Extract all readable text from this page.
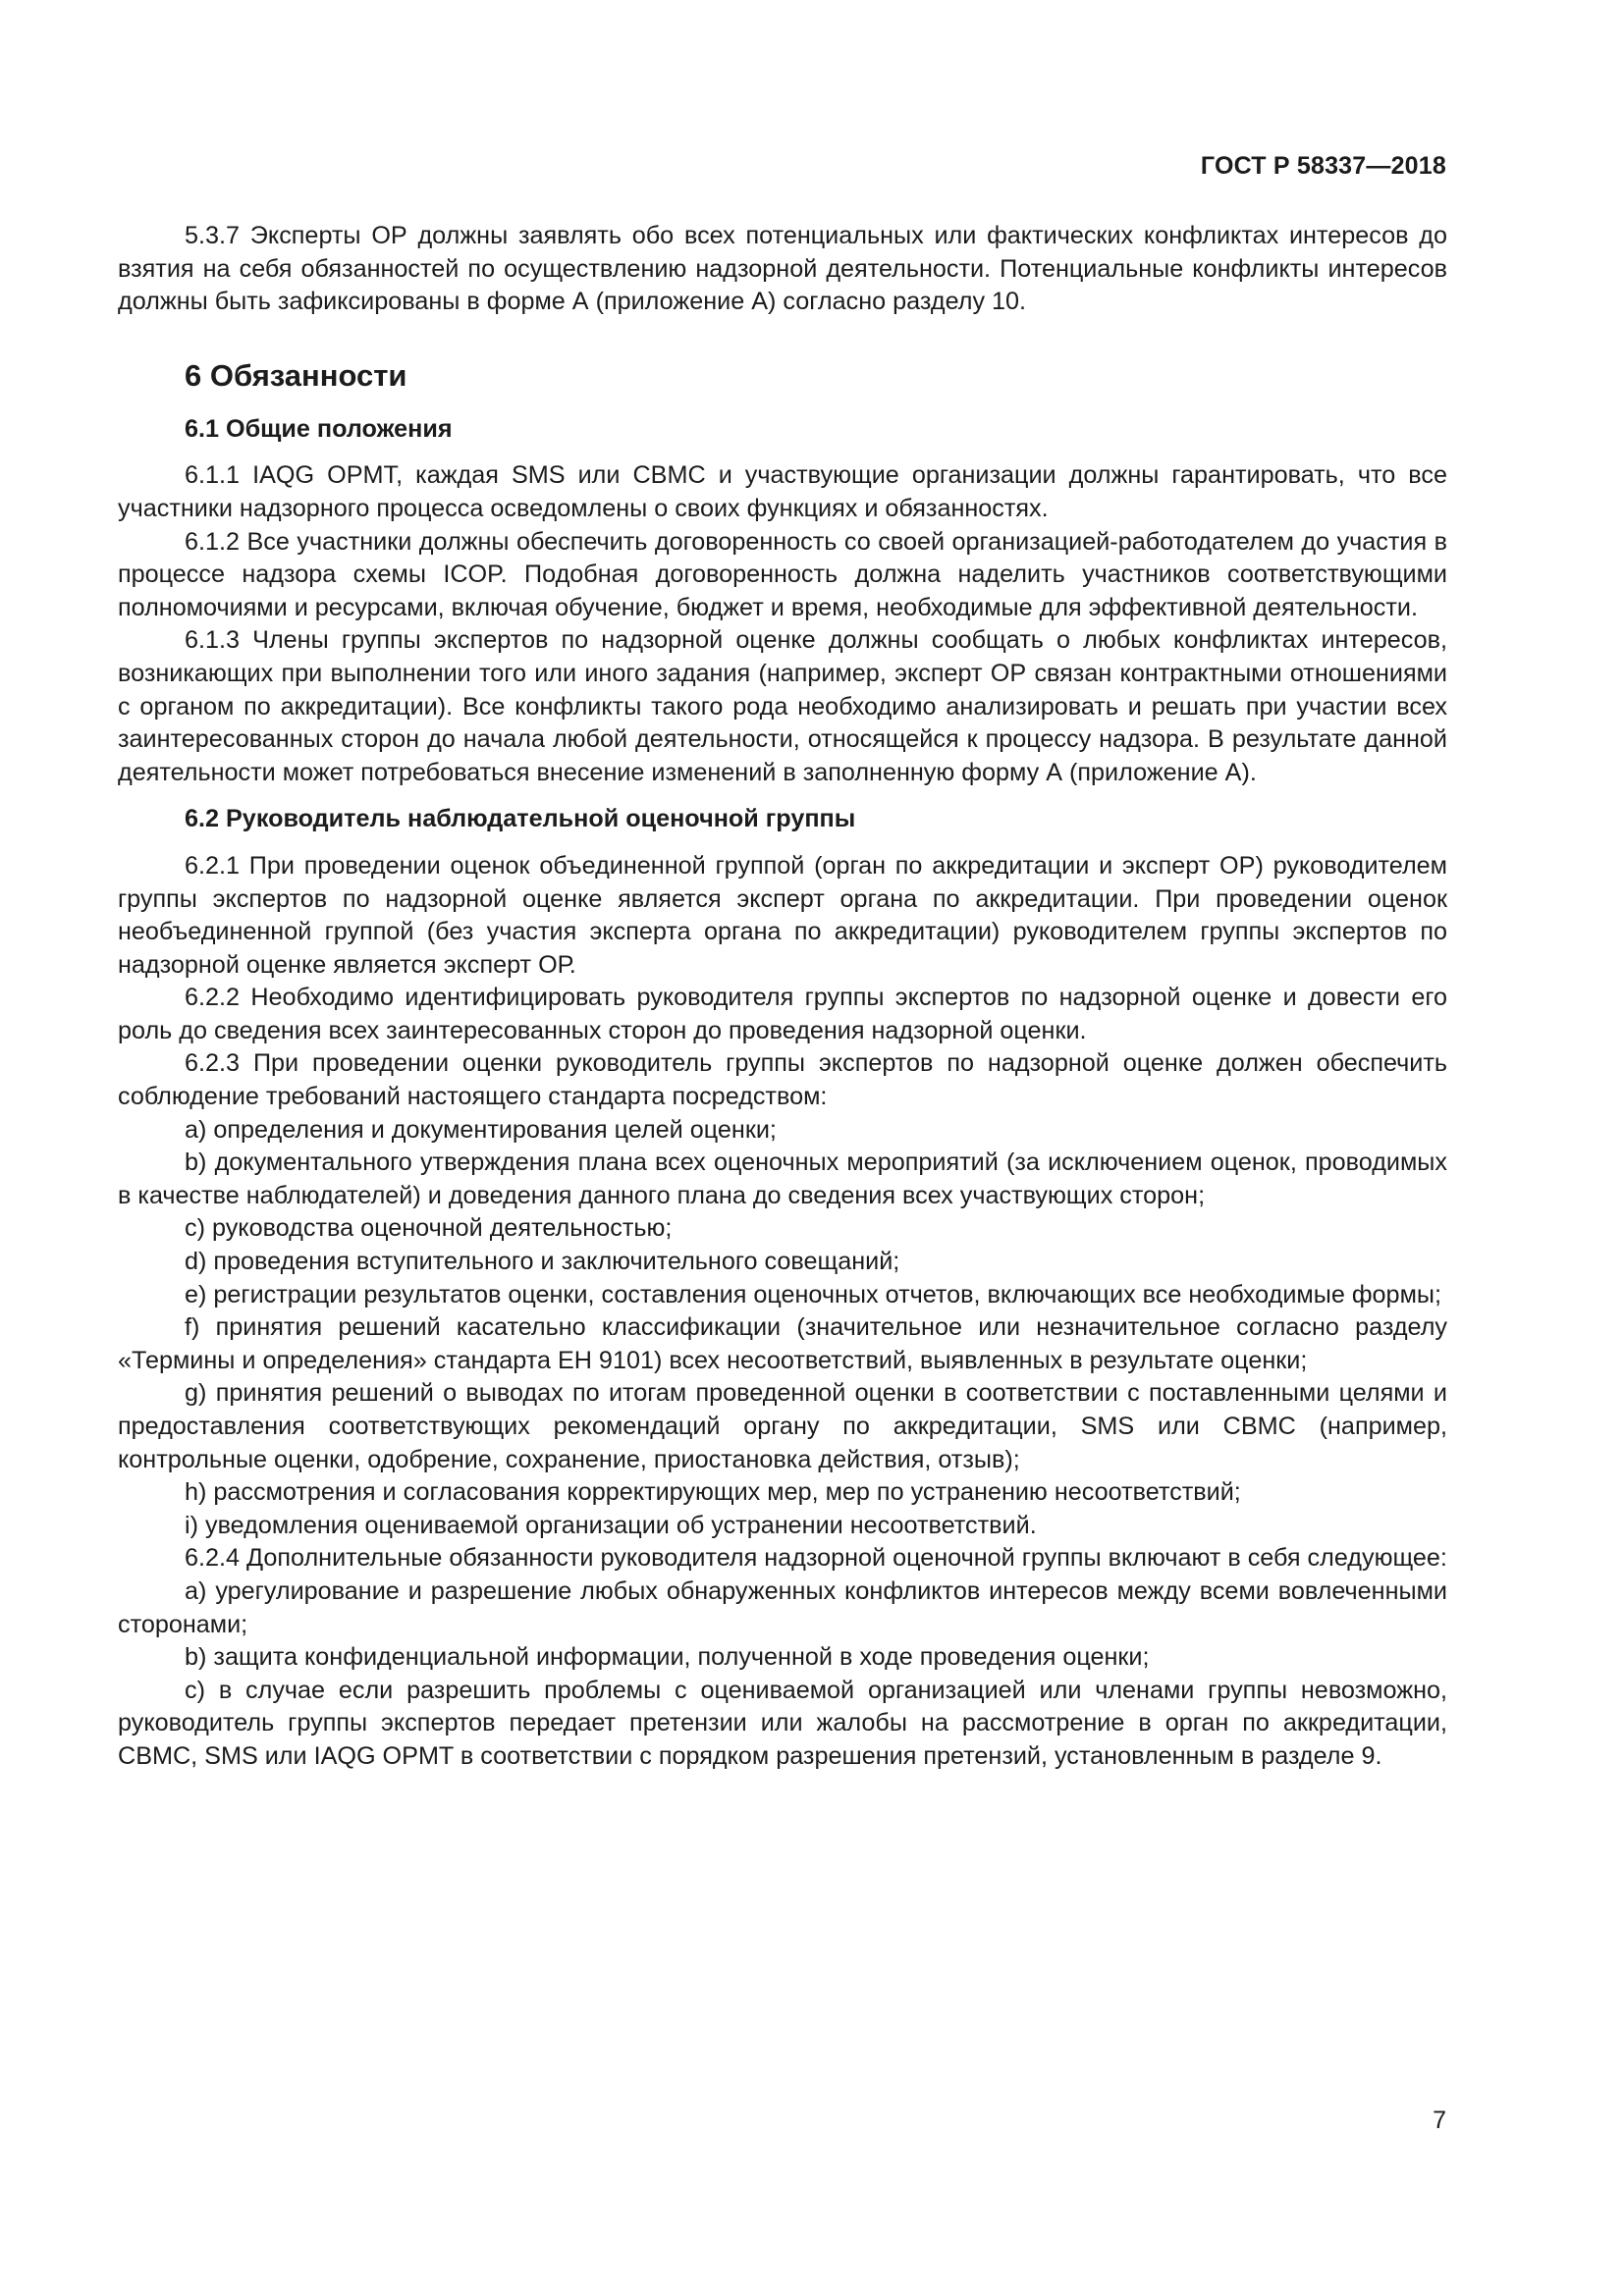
ГОСТ Р 58337—2018

5.3.7 Эксперты ОР должны заявлять обо всех потенциальных или фактических конфликтах интересов до взятия на себя обязанностей по осуществлению надзорной деятельности. Потенциальные конфликты интересов должны быть зафиксированы в форме А (приложение А) согласно разделу 10.

6 Обязанности
6.1 Общие положения

6.1.1 IAQG OPMT, каждая SMS или CBMC и участвующие организации должны гарантировать, что все участники надзорного процесса осведомлены о своих функциях и обязанностях.

6.1.2 Все участники должны обеспечить договоренность со своей организацией-работодателем до участия в процессе надзора схемы ICOP. Подобная договоренность должна наделить участников соответствующими полномочиями и ресурсами, включая обучение, бюджет и время, необходимые для эффективной деятельности.

6.1.3 Члены группы экспертов по надзорной оценке должны сообщать о любых конфликтах интересов, возникающих при выполнении того или иного задания (например, эксперт ОР связан контрактными отношениями с органом по аккредитации). Все конфликты такого рода необходимо анализировать и решать при участии всех заинтересованных сторон до начала любой деятельности, относящейся к процессу надзора. В результате данной деятельности может потребоваться внесение изменений в заполненную форму А (приложение А).

6.2 Руководитель наблюдательной оценочной группы

6.2.1 При проведении оценок объединенной группой (орган по аккредитации и эксперт ОР) руководителем группы экспертов по надзорной оценке является эксперт органа по аккредитации. При проведении оценок необъединенной группой (без участия эксперта органа по аккредитации) руководителем группы экспертов по надзорной оценке является эксперт ОР.

6.2.2 Необходимо идентифицировать руководителя группы экспертов по надзорной оценке и довести его роль до сведения всех заинтересованных сторон до проведения надзорной оценки.

6.2.3 При проведении оценки руководитель группы экспертов по надзорной оценке должен обеспечить соблюдение требований настоящего стандарта посредством:

a) определения и документирования целей оценки;

b) документального утверждения плана всех оценочных мероприятий (за исключением оценок, проводимых в качестве наблюдателей) и доведения данного плана до сведения всех участвующих сторон;

c) руководства оценочной деятельностью;

d) проведения вступительного и заключительного совещаний;

e) регистрации результатов оценки, составления оценочных отчетов, включающих все необходимые формы;

f) принятия решений касательно классификации (значительное или незначительное согласно разделу «Термины и определения» стандарта ЕН 9101) всех несоответствий, выявленных в результате оценки;

g) принятия решений о выводах по итогам проведенной оценки в соответствии с поставленными целями и предоставления соответствующих рекомендаций органу по аккредитации, SMS или CBMC (например, контрольные оценки, одобрение, сохранение, приостановка действия, отзыв);

h) рассмотрения и согласования корректирующих мер, мер по устранению несоответствий;

i) уведомления оцениваемой организации об устранении несоответствий.

6.2.4 Дополнительные обязанности руководителя надзорной оценочной группы включают в себя следующее:

a) урегулирование и разрешение любых обнаруженных конфликтов интересов между всеми вовлеченными сторонами;

b) защита конфиденциальной информации, полученной в ходе проведения оценки;

c) в случае если разрешить проблемы с оцениваемой организацией или членами группы невозможно, руководитель группы экспертов передает претензии или жалобы на рассмотрение в орган по аккредитации, CBMC, SMS или IAQG OPMT в соответствии с порядком разрешения претензий, установленным в разделе 9.

7
